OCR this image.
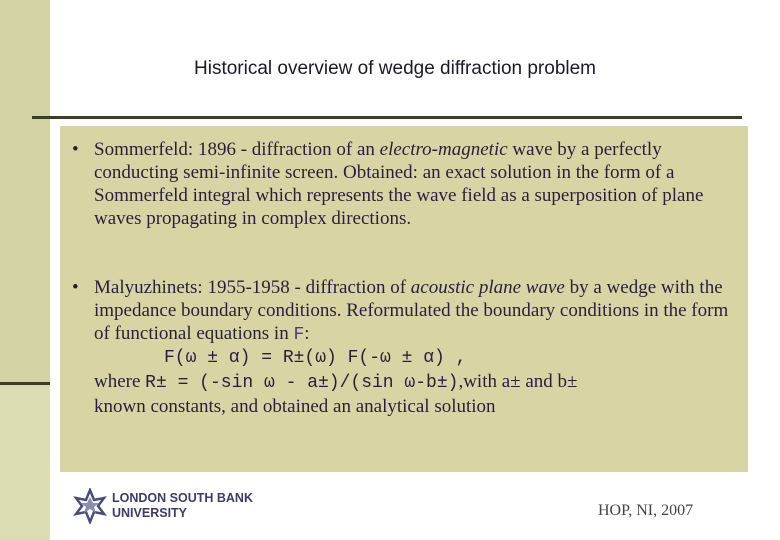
Historical overview of wedge diffraction problem
• Sommerfeld: 1896 - diffraction of an electro-magnetic wave by a perfectly conducting semi-infinite screen. Obtained: an exact solution in the form of a Sommerfeld integral which represents the wave field as a superposition of plane waves propagating in complex directions.
• Malyuzhinets: 1955-1958 - diffraction of acoustic plane wave by a wedge with the impedance boundary conditions. Reformulated the boundary conditions in the form of functional equations in F:
F(ω ± α) = R±(ω) F(-ω ± α) ,
where R± = (-sin ω - a±)/(sin ω-b±),with a± and b±
known constants, and obtained an analytical solution
LONDON SOUTH BANK
UNIVERSITY	HOP, NI, 2007
